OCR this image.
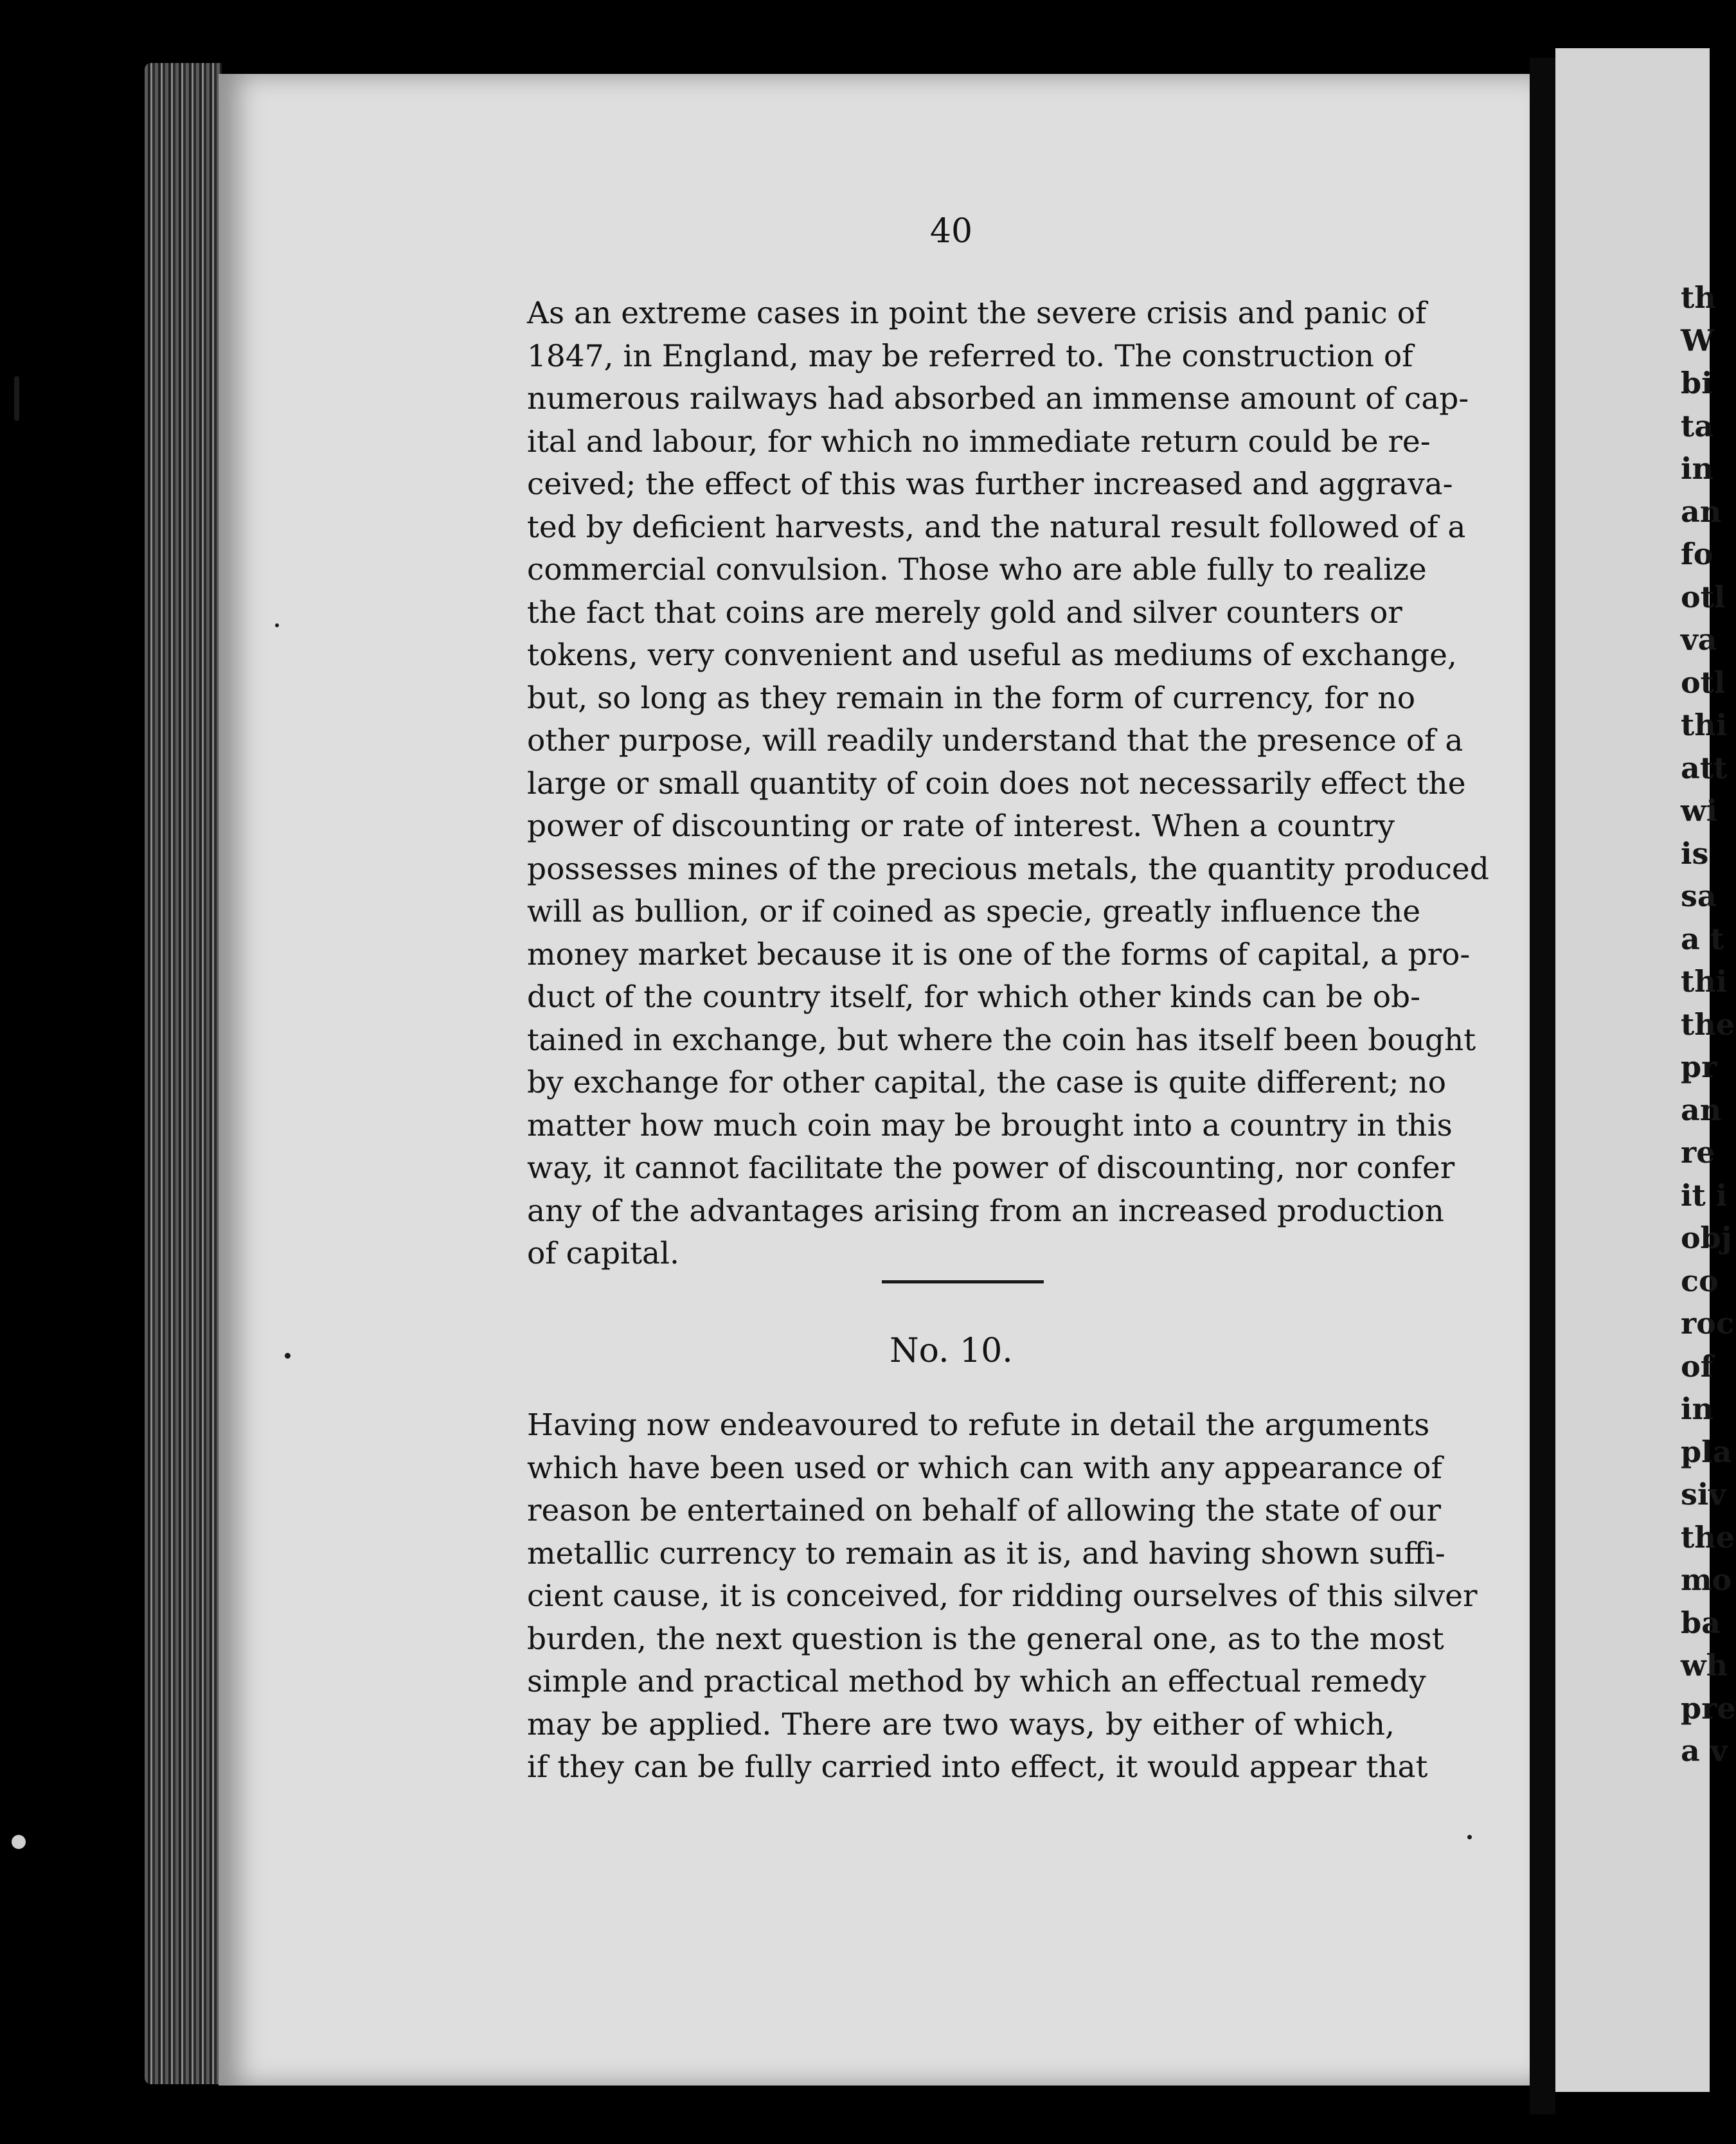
th
W
bi
ta
in
an
fo
otl
va
otl
thi
att
wi
is
sa
a t
thi
the
pr
an
re
it i
obj
co
roc
of
in
pla
siv
the
mo
ba
wh
pre
a v
40
As an extreme cases in point the severe crisis and panic of
1847, in England, may be referred to. The construction of
numerous railways had absorbed an immense amount of cap-
ital and labour, for which no immediate return could be re-
ceived; the effect of this was further increased and aggrava-
ted by deficient harvests, and the natural result followed of a
commercial convulsion. Those who are able fully to realize
the fact that coins are merely gold and silver counters or
tokens, very convenient and useful as mediums of exchange,
but, so long as they remain in the form of currency, for no
other purpose, will readily understand that the presence of a
large or small quantity of coin does not necessarily effect the
power of discounting or rate of interest. When a country
possesses mines of the precious metals, the quantity produced
will as bullion, or if coined as specie, greatly influence the
money market because it is one of the forms of capital, a pro-
duct of the country itself, for which other kinds can be ob-
tained in exchange, but where the coin has itself been bought
by exchange for other capital, the case is quite different; no
matter how much coin may be brought into a country in this
way, it cannot facilitate the power of discounting, nor confer
any of the advantages arising from an increased production
of capital.
No. 10.
Having now endeavoured to refute in detail the arguments
which have been used or which can with any appearance of
reason be entertained on behalf of allowing the state of our
metallic currency to remain as it is, and having shown suffi-
cient cause, it is conceived, for ridding ourselves of this silver
burden, the next question is the general one, as to the most
simple and practical method by which an effectual remedy
may be applied. There are two ways, by either of which,
if they can be fully carried into effect, it would appear that
